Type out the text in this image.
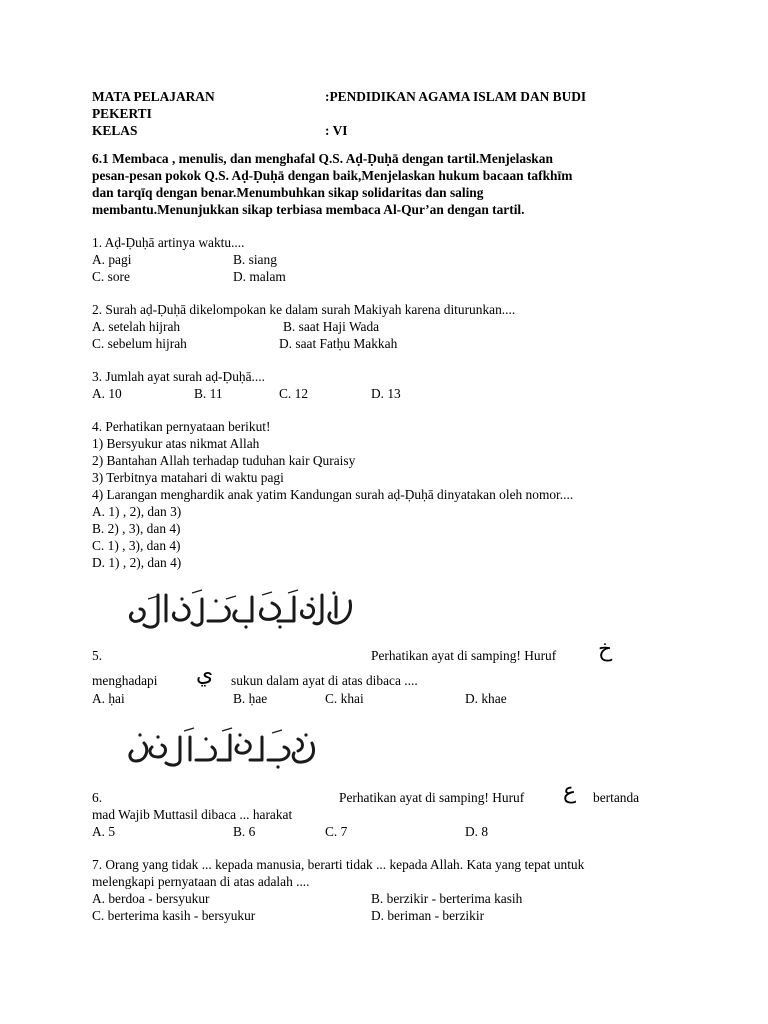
MATA PELAJARAN	:PENDIDIKAN AGAMA ISLAM DAN BUDI
PEKERTI
KELAS	: VI
6.1 Membaca , menulis, dan menghafal Q.S. Aḍ-Ḍuḥā dengan tartil.Menjelaskan
pesan-pesan pokok Q.S. Aḍ-Ḍuḥā dengan baik,Menjelaskan hukum bacaan tafkhīm
dan tarqīq dengan benar.Menumbuhkan sikap solidaritas dan saling
membantu.Menunjukkan sikap terbiasa membaca Al-Qur’an dengan tartil.
1. Aḍ-Ḍuḥā artinya waktu....
A. pagi	B. siang
C. sore	D. malam
2. Surah aḍ-Ḍuḥā dikelompokan ke dalam surah Makiyah karena diturunkan....
A. setelah hijrah	B. saat Haji Wada
C. sebelum hijrah	D. saat Fatḥu Makkah
3. Jumlah ayat surah aḍ-Ḍuḥā....
A. 10	B. 11	C. 12	D. 13
4. Perhatikan pernyataan berikut!
1) Bersyukur atas nikmat Allah
2) Bantahan Allah terhadap tuduhan kair Quraisy
3) Terbitnya matahari di waktu pagi
4) Larangan menghardik anak yatim Kandungan surah aḍ-Ḍuḥā dinyatakan oleh nomor....
A. 1) , 2), dan 3)
B. 2) , 3), dan 4)
C. 1) , 3), dan 4)
D. 1) , 2), dan 4)
5.	Perhatikan ayat di samping! Huruf خ
menghadapi ي sukun dalam ayat di atas dibaca ....
A. ḥai	B. ḥae	C. khai	D. khae
6.	Perhatikan ayat di samping! Huruf ع bertanda
mad Wajib Muttasil dibaca ... harakat
A. 5	B. 6	C. 7	D. 8
7. Orang yang tidak ... kepada manusia, berarti tidak ... kepada Allah. Kata yang tepat untuk
melengkapi pernyataan di atas adalah ....
A. berdoa - bersyukur	B. berzikir - berterima kasih
C. berterima kasih - bersyukur	D. beriman - berzikir
